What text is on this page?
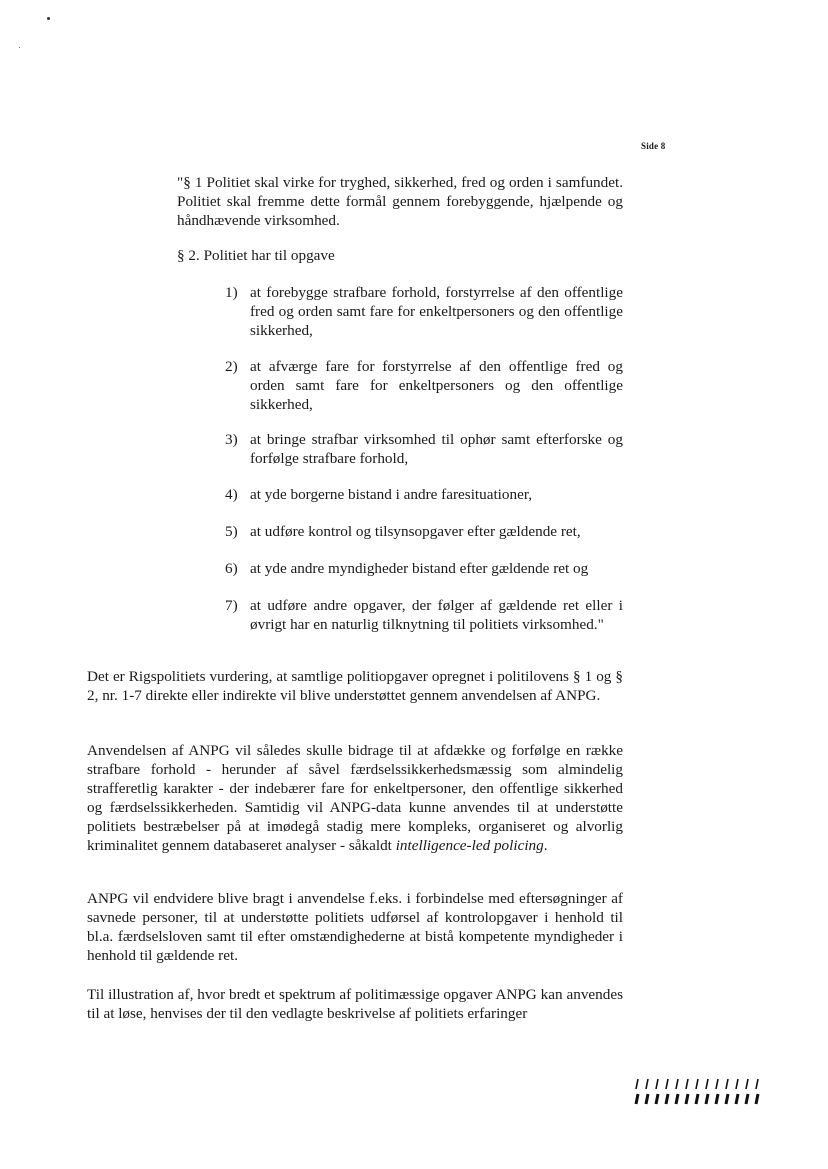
Side 8
"§ 1 Politiet skal virke for tryghed, sikkerhed, fred og orden i samfundet. Politiet skal fremme dette formål gennem forebyggende, hjælpende og håndhævende virksomhed.
§ 2. Politiet har til opgave
1) at forebygge strafbare forhold, forstyrrelse af den offentlige fred og orden samt fare for enkeltpersoners og den offentlige sikkerhed,
2) at afværge fare for forstyrrelse af den offentlige fred og orden samt fare for enkeltpersoners og den offentlige sikkerhed,
3) at bringe strafbar virksomhed til ophør samt efterforske og forfølge strafbare forhold,
4) at yde borgerne bistand i andre faresituationer,
5) at udføre kontrol og tilsynsopgaver efter gældende ret,
6) at yde andre myndigheder bistand efter gældende ret og
7) at udføre andre opgaver, der følger af gældende ret eller i øvrigt har en naturlig tilknytning til politiets virksomhed."
Det er Rigspolitiets vurdering, at samtlige politiopgaver opregnet i politilovens § 1 og § 2, nr. 1-7 direkte eller indirekte vil blive understøttet gennem anvendelsen af ANPG.
Anvendelsen af ANPG vil således skulle bidrage til at afdække og forfølge en række strafbare forhold - herunder af såvel færdselssikkerhedsmæssig som almindelig strafferetlig karakter - der indebærer fare for enkeltpersoner, den offentlige sikkerhed og færdselssikkerheden. Samtidig vil ANPG-data kunne anvendes til at understøtte politiets bestræbelser på at imødegå stadig mere kompleks, organiseret og alvorlig kriminalitet gennem databaseret analyser - såkaldt intelligence-led policing.
ANPG vil endvidere blive bragt i anvendelse f.eks. i forbindelse med eftersøgninger af savnede personer, til at understøtte politiets udførsel af kontrolopgaver i henhold til bl.a. færdselsloven samt til efter omstændighederne at bistå kompetente myndigheder i henhold til gældende ret.
Til illustration af, hvor bredt et spektrum af politimæssige opgaver ANPG kan anvendes til at løse, henvises der til den vedlagte beskrivelse af politiets erfaringer
